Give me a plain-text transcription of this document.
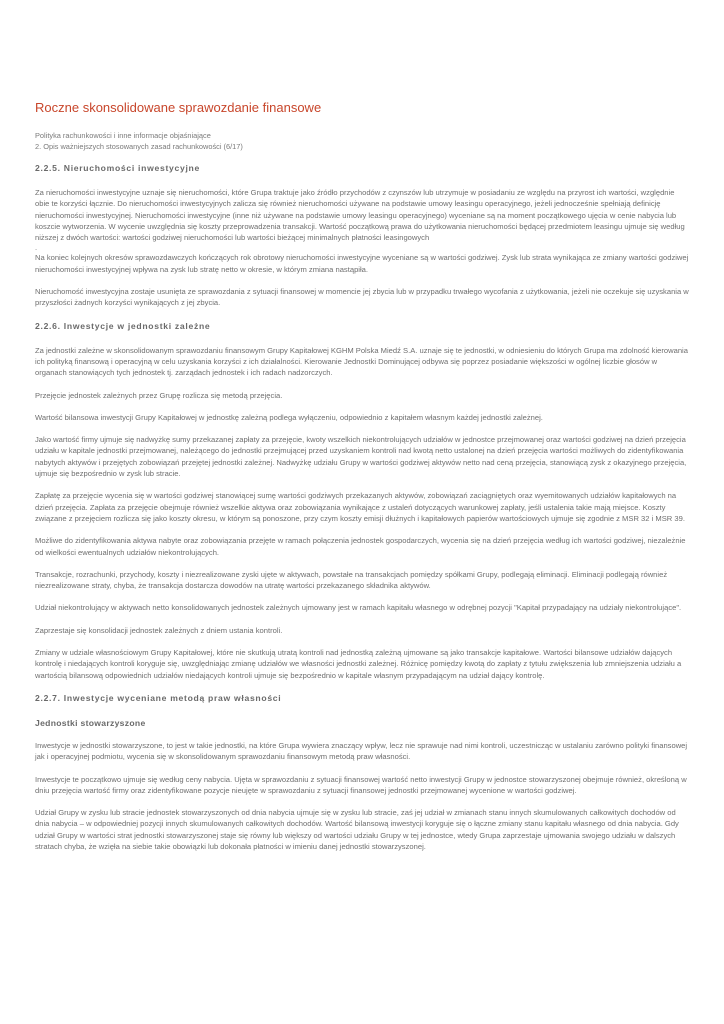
Roczne skonsolidowane sprawozdanie finansowe

Polityka rachunkowości i inne informacje objaśniające

2. Opis ważniejszych stosowanych zasad rachunkowości (6/17)

2.2.5. Nieruchomości inwestycyjne

Za nieruchomości inwestycyjne uznaje się nieruchomości, które Grupa traktuje jako źródło przychodów z czynszów lub utrzymuje w posiadaniu ze względu na przyrost ich wartości, względnie obie te korzyści łącznie. Do nieruchomości inwestycyjnych zalicza się również nieruchomości używane na podstawie umowy leasingu operacyjnego, jeżeli jednocześnie spełniają definicję nieruchomości inwestycyjnej. Nieruchomości inwestycyjne (inne niż używane na podstawie umowy leasingu operacyjnego) wyceniane są na moment początkowego ujęcia w cenie nabycia lub koszcie wytworzenia. W wycenie uwzględnia się koszty przeprowadzenia transakcji. Wartość początkową prawa do użytkowania nieruchomości będącej przedmiotem leasingu ujmuje się według niższej z dwóch wartości: wartości godziwej nieruchomości lub wartości bieżącej minimalnych płatności leasingowych

.

Na koniec kolejnych okresów sprawozdawczych kończących rok obrotowy nieruchomości inwestycyjne wyceniane są w wartości godziwej. Zysk lub strata wynikająca ze zmiany wartości godziwej nieruchomości inwestycyjnej wpływa na zysk lub stratę netto w okresie, w którym zmiana nastąpiła.

Nieruchomość inwestycyjna zostaje usunięta ze sprawozdania z sytuacji finansowej w momencie jej zbycia lub w przypadku trwałego wycofania z użytkowania, jeżeli nie oczekuje się uzyskania w przyszłości żadnych korzyści wynikających z jej zbycia.

2.2.6. Inwestycje w jednostki zależne

Za jednostki zależne w skonsolidowanym sprawozdaniu finansowym Grupy Kapitałowej KGHM Polska Miedź S.A. uznaje się te jednostki, w odniesieniu do których Grupa ma zdolność kierowania ich polityką finansową i operacyjną w celu uzyskania korzyści z ich działalności. Kierowanie Jednostki Dominującej odbywa się poprzez posiadanie większości w ogólnej liczbie głosów w organach stanowiących tych jednostek tj. zarządach jednostek i ich radach nadzorczych.

Przejęcie jednostek zależnych przez Grupę rozlicza się metodą przejęcia.

Wartość bilansowa inwestycji Grupy Kapitałowej w jednostkę zależną podlega wyłączeniu, odpowiednio z kapitałem własnym każdej jednostki zależnej.

Jako wartość firmy ujmuje się nadwyżkę sumy przekazanej zapłaty za przejęcie, kwoty wszelkich niekontrolujących udziałów w jednostce przejmowanej oraz wartości godziwej na dzień przejęcia udziału w kapitale jednostki przejmowanej, należącego do jednostki przejmującej przed uzyskaniem kontroli nad kwotą netto ustalonej na dzień przejęcia wartości możliwych do zidentyfikowania nabytych aktywów i przejętych zobowiązań przejętej jednostki zależnej. Nadwyżkę udziału Grupy w wartości godziwej aktywów netto nad ceną przejęcia, stanowiącą zysk z okazyjnego przejęcia, ujmuje się bezpośrednio w zysk lub stracie.

Zapłatę za przejęcie wycenia się w wartości godziwej stanowiącej sumę wartości godziwych przekazanych aktywów, zobowiązań zaciągniętych oraz wyemitowanych udziałów kapitałowych na dzień przejęcia. Zapłata za przejęcie obejmuje również wszelkie aktywa oraz zobowiązania wynikające z ustaleń dotyczących warunkowej zapłaty, jeśli ustalenia takie mają miejsce. Koszty związane z przejęciem rozlicza się jako koszty okresu, w którym są ponoszone, przy czym koszty emisji dłużnych i kapitałowych papierów wartościowych ujmuje się zgodnie z MSR 32 i MSR 39.

Możliwe do zidentyfikowania aktywa nabyte oraz zobowiązania przejęte w ramach połączenia jednostek gospodarczych, wycenia się na dzień przejęcia według ich wartości godziwej, niezależnie od wielkości ewentualnych udziałów niekontrolujących.

Transakcje, rozrachunki, przychody, koszty i niezrealizowane zyski ujęte w aktywach, powstałe na transakcjach pomiędzy spółkami Grupy, podlegają eliminacji. Eliminacji podlegają również niezrealizowane straty, chyba, że transakcja dostarcza dowodów na utratę wartości przekazanego składnika aktywów.

Udział niekontrolujący w aktywach netto konsolidowanych jednostek zależnych ujmowany jest w ramach kapitału własnego w odrębnej pozycji "Kapitał przypadający na udziały niekontrolujące".

Zaprzestaje się konsolidacji jednostek zależnych z dniem ustania kontroli.

Zmiany w udziale własnościowym Grupy Kapitałowej, które nie skutkują utratą kontroli nad jednostką zależną ujmowane są jako transakcje kapitałowe. Wartości bilansowe udziałów dających kontrolę i niedających kontroli koryguje się, uwzględniając zmianę udziałów we własności jednostki zależnej. Różnicę pomiędzy kwotą do zapłaty z tytułu zwiększenia lub zmniejszenia udziału a wartością bilansową odpowiednich udziałów niedających kontroli ujmuje się bezpośrednio w kapitale własnym przypadającym na udział dający kontrolę.

2.2.7. Inwestycje wyceniane metodą praw własności
Jednostki stowarzyszone

Inwestycje w jednostki stowarzyszone, to jest w takie jednostki, na które Grupa wywiera znaczący wpływ, lecz nie sprawuje nad nimi kontroli, uczestnicząc w ustalaniu zarówno polityki finansowej jak i operacyjnej podmiotu, wycenia się w skonsolidowanym sprawozdaniu finansowym metodą praw własności.

Inwestycje te początkowo ujmuje się według ceny nabycia. Ujęta w sprawozdaniu z sytuacji finansowej wartość netto inwestycji Grupy w jednostce stowarzyszonej obejmuje również, określoną w dniu przejęcia wartość firmy oraz zidentyfikowane pozycje nieujęte w sprawozdaniu z sytuacji finansowej jednostki przejmowanej wycenione w wartości godziwej.

Udział Grupy w zysku lub stracie jednostek stowarzyszonych od dnia nabycia ujmuje się w zysku lub stracie, zaś jej udział w zmianach stanu innych skumulowanych całkowitych dochodów od dnia nabycia – w odpowiedniej pozycji innych skumulowanych całkowitych dochodów. Wartość bilansową inwestycji koryguje się o łączne zmiany stanu kapitału własnego od dnia nabycia. Gdy udział Grupy w wartości strat jednostki stowarzyszonej staje się równy lub większy od wartości udziału Grupy w tej jednostce, wtedy Grupa zaprzestaje ujmowania swojego udziału w dalszych stratach chyba, że wzięła na siebie takie obowiązki lub dokonała płatności w imieniu danej jednostki stowarzyszonej.
